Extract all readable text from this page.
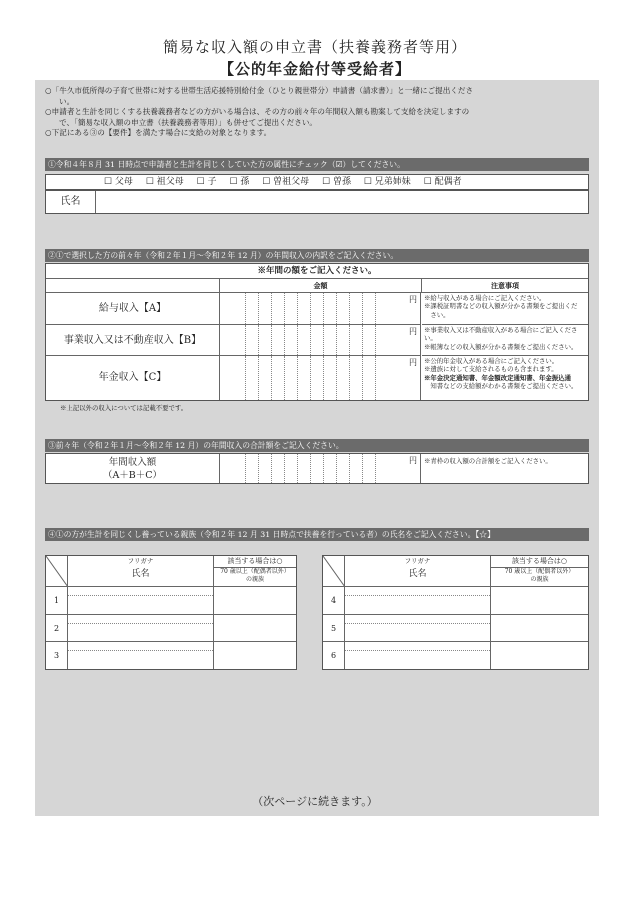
簡易な収入額の申立書（扶養義務者等用）
【公的年金給付等受給者】
○「牛久市低所得の子育て世帯に対する世帯生活応援特別給付金（ひとり親世帯分）申請書（請求書）」と一緒にご提出くださ
い。
○申請者と生計を同じくする扶養義務者などの方がいる場合は、その方の前々年の年間収入額も勘案して支給を決定しますの
で、「簡易な収入額の申立書（扶養義務者等用）」も併せてご提出ください。
○下記にある③の【要件】を満たす場合に支給の対象となります。
①令和４年８月 31 日時点で申請者と生計を同じくしていた方の属性にチェック（☑）してください。
☐ 父母 ☐ 祖父母 ☐ 子 ☐ 孫 ☐ 曽祖父母 ☐ 曽孫 ☐ 兄弟姉妹 ☐ 配偶者
氏名
②①で選択した方の前々年（令和２年１月～令和２年 12 月）の年間収入の内訳をご記入ください。
※年間の額をご記入ください。
金額	注意事項
給与収入【A】
円 ※給与収入がある場合にご記入ください。
※課税証明書などの収入額が分かる書類をご提出くだ
　さい。
事業収入又は不動産収入【B】
円 ※事業収入又は不動産収入がある場合にご記入ください。
※帳簿などの収入額が分かる書類をご提出ください。
年金収入【C】
円 ※公的年金収入がある場合にご記入ください。
※遺族に対して支給されるものも含まれます。
※年金決定通知書、年金額改定通知書、年金振込通
　知書などの支給額がわかる書類をご提出ください。
※上記以外の収入については記載不要です。
③前々年（令和２年１月～令和２年 12 月）の年間収入の合計額をご記入ください。
年間収入額
（A＋B＋C）
円	※青枠の収入額の合計額をご記入ください。
④①の方が生計を同じくし養っている親族（令和２年 12 月 31 日時点で扶養を行っている者）の氏名をご記入ください。【☆】
フリガナ
氏名
該当する場合は○
70 歳以上（配偶者以外）
の親族
1
2
3
フリガナ
氏名
該当する場合は○
70 歳以上（配偶者以外）
の親族
4
5
6
（次ページに続きます。）
